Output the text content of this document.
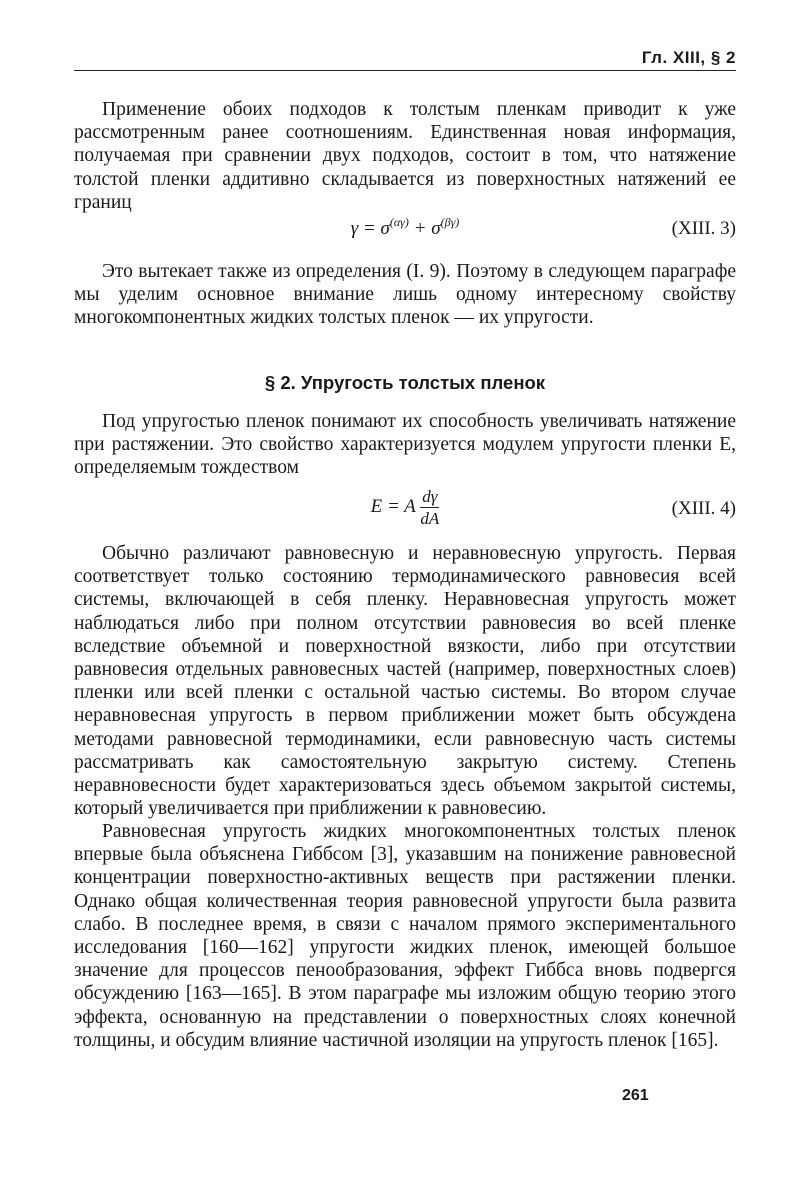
Гл. XIII, § 2

Применение обоих подходов к толстым пленкам приводит к уже рассмотренным ранее соотношениям. Единственная новая информация, получаемая при сравнении двух подходов, состоит в том, что натяжение толстой пленки аддитивно складывается из поверхностных натяжений ее границ

$\gamma = \sigma^{(\alpha\gamma)} + \sigma^{(\beta\gamma)}$	(XIII. 3)

Это вытекает также из определения (I. 9). Поэтому в следующем параграфе мы уделим основное внимание лишь одному интересному свойству многокомпонентных жидких толстых пленок — их упругости.

§ 2. Упругость толстых пленок

Под упругостью пленок понимают их способность увеличивать натяжение при растяжении. Это свойство характеризуется модулем упругости пленки E, определяемым тождеством

E = A $\frac{d\gamma}{dA}$	(XIII. 4)

Обычно различают равновесную и неравновесную упругость. Первая соответствует только состоянию термодинамического равновесия всей системы, включающей в себя пленку. Неравновесная упругость может наблюдаться либо при полном отсутствии равновесия во всей пленке вследствие объемной и поверхностной вязкости, либо при отсутствии равновесия отдельных равновесных частей (например, поверхностных слоев) пленки или всей пленки с остальной частью системы. Во втором случае неравновесная упругость в первом приближении может быть обсуждена методами равновесной термодинамики, если равновесную часть системы рассматривать как самостоятельную закрытую систему. Степень неравновесности будет характеризоваться здесь объемом закрытой системы, который увеличивается при приближении к равновесию.

Равновесная упругость жидких многокомпонентных толстых пленок впервые была объяснена Гиббсом [3], указавшим на понижение равновесной концентрации поверхностно-активных веществ при растяжении пленки. Однако общая количественная теория равновесной упругости была развита слабо. В последнее время, в связи с началом прямого экспериментального исследования [160—162] упругости жидких пленок, имеющей большое значение для процессов пенообразования, эффект Гиббса вновь подвергся обсуждению [163—165]. В этом параграфе мы изложим общую теорию этого эффекта, основанную на представлении о поверхностных слоях конечной толщины, и обсудим влияние частичной изоляции на упругость пленок [165].

261
